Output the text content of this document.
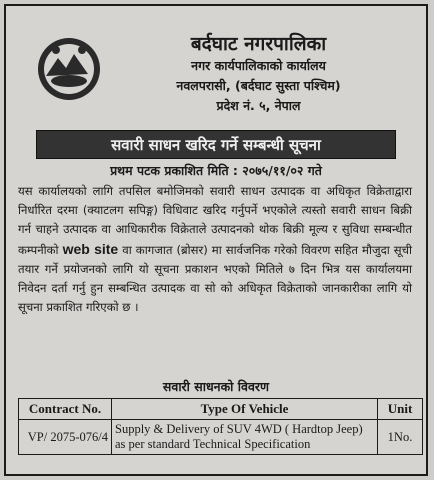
बर्दघाट नगरपालिका
नगर कार्यपालिकाको कार्यालय
नवलपरासी, (बर्दघाट सुस्ता पश्चिम)
प्रदेश नं. ५, नेपाल
सवारी साधन खरिद गर्ने सम्बन्धी सूचना
प्रथम पटक प्रकाशित मिति : २०७५/११/०२ गते
यस कार्यालयको लागि तपसिल बमोजिमको सवारी साधन उत्पादक वा अधिकृत विक्रेताद्वारा निर्धारित दरमा (क्याटलग सपिङ्ग) विधिवाट खरिद गर्नुपर्ने भएकोले त्यस्तो सवारी साधन बिक्री गर्न चाहने उत्पादक वा आधिकारीक विक्रेताले उत्पादनको थोक बिक्री मूल्य र सुविधा सम्बन्धीत कम्पनीको web site वा कागजात (ब्रोसर) मा सार्वजनिक गरेको विवरण सहित मौजुदा सूची तयार गर्ने प्रयोजनको लागि यो सूचना प्रकाशन भएको मितिले ७ दिन भित्र यस कार्यालयमा निवेदन दर्ता गर्नु हुन सम्बन्धित उत्पादक वा सो को अधिकृत विक्रेताको जानकारीका लागि यो सूचना प्रकाशित गरिएको छ ।
सवारी साधनको विवरण
Contract No.	Type Of Vehicle	Unit
VP/ 2075-076/4	Supply & Delivery of SUV 4WD ( Hardtop Jeep) as per standard Technical Specification	1No.
